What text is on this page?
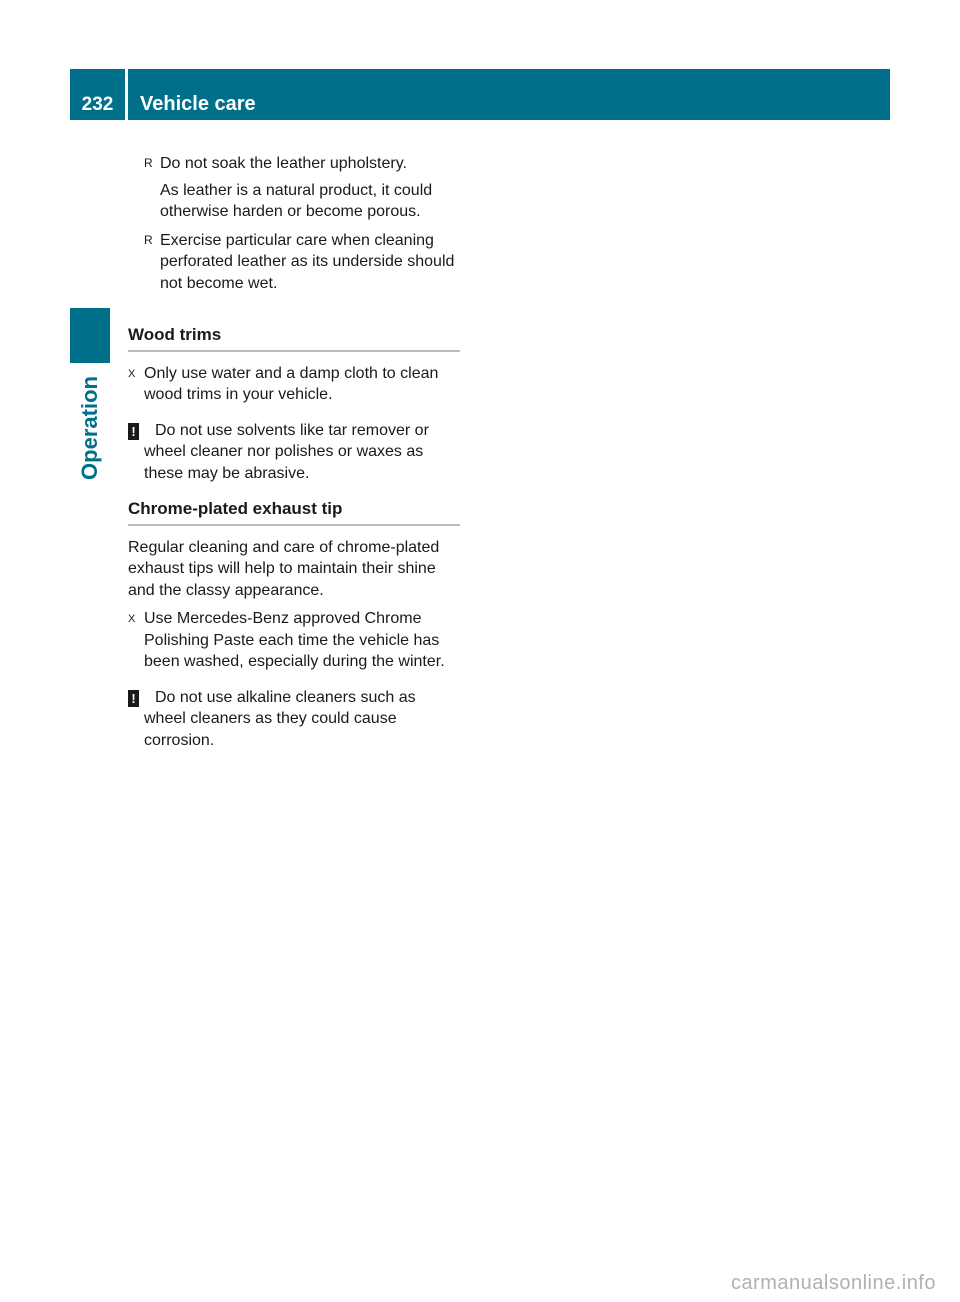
232	Vehicle care
Operation
R Do not soak the leather upholstery.

As leather is a natural product, it could otherwise harden or become porous.

R Exercise particular care when cleaning perforated leather as its underside should not become wet.

Wood trims
X Only use water and a damp cloth to clean wood trims in your vehicle.

!	Do not use solvents like tar remover or wheel cleaner nor polishes or waxes as these may be abrasive.

Chrome-plated exhaust tip

Regular cleaning and care of chrome-plated exhaust tips will help to maintain their shine and the classy appearance.

X Use Mercedes-Benz approved Chrome Polishing Paste each time the vehicle has been washed, especially during the winter.

!	Do not use alkaline cleaners such as wheel cleaners as they could cause corrosion.

carmanualsonline.info
